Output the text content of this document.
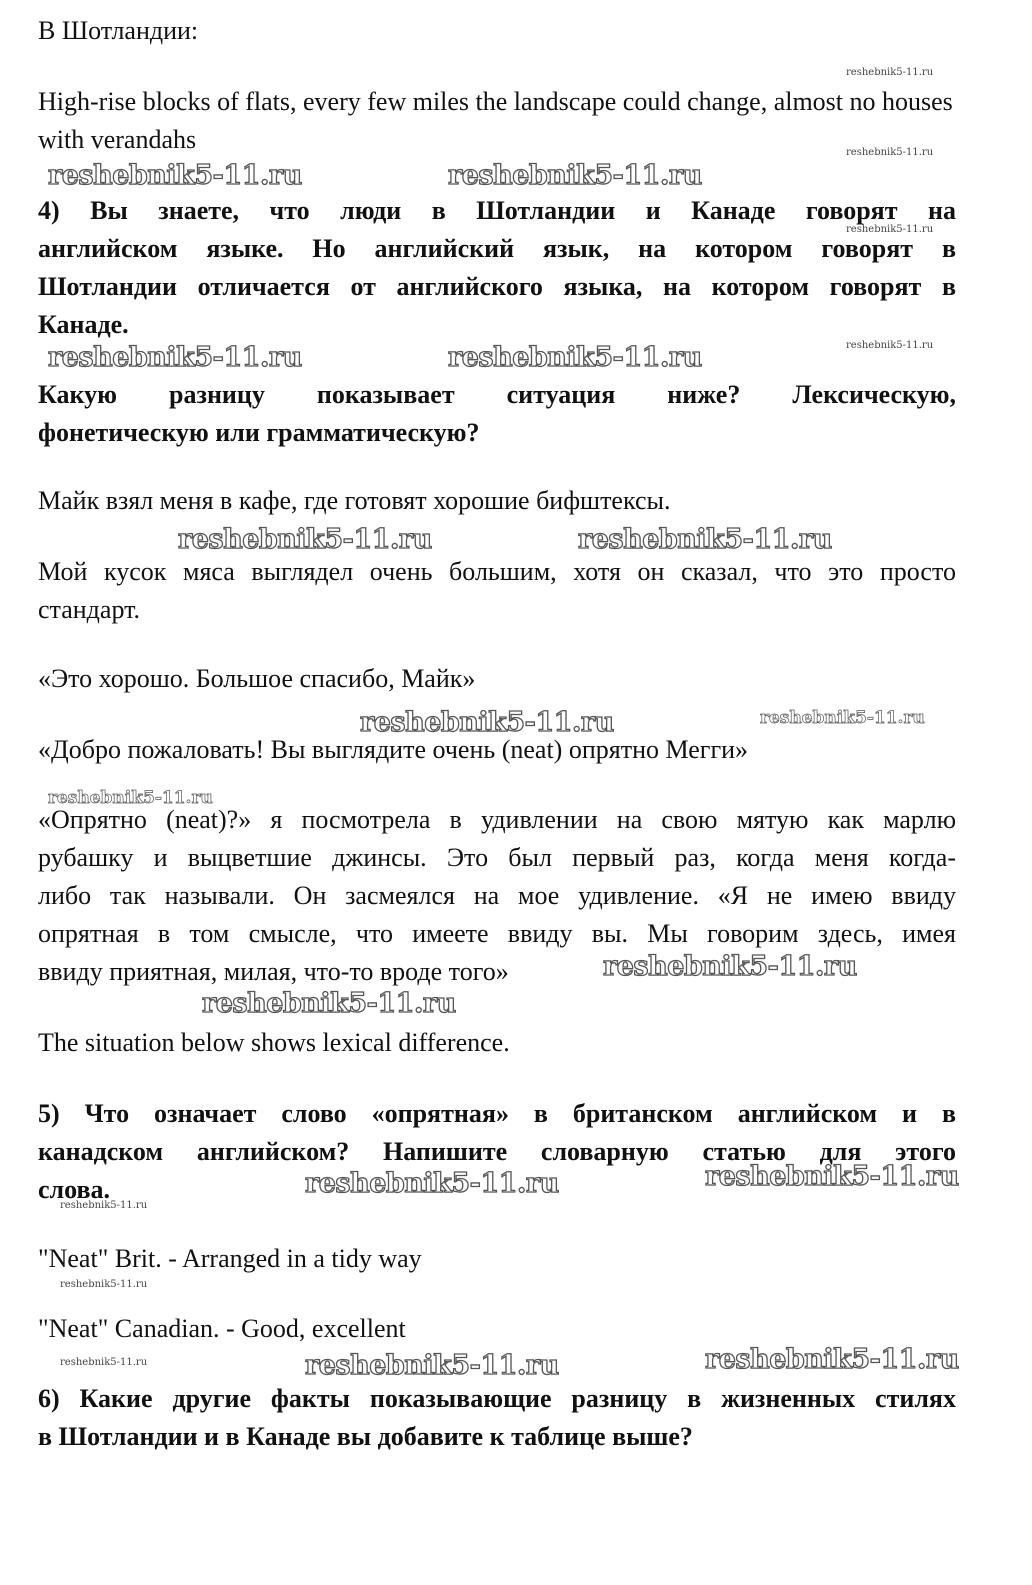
В Шотландии:

High-rise blocks of flats, every few miles the landscape could change, almost no houses with verandahs

4) Вы знаете, что люди в Шотландии и Канаде говорят на

английском языке. Но английский язык, на котором говорят в

Шотландии отличается от английского языка, на котором говорят в

Канаде.

Какую разницу показывает ситуация ниже? Лексическую,

фонетическую или грамматическую?

Майк взял меня в кафе, где готовят хорошие бифштексы.

Мой кусок мяса выглядел очень большим, хотя он сказал, что это просто

стандарт.

«Это хорошо. Большое спасибо, Майк»

«Добро пожаловать! Вы выглядите очень (neat) опрятно Мегги»

«Опрятно (neat)?» я посмотрела в удивлении на свою мятую как марлю

рубашку и выцветшие джинсы. Это был первый раз, когда меня когда-

либо так называли. Он засмеялся на мое удивление. «Я не имею ввиду

опрятная в том смысле, что имеете ввиду вы. Мы говорим здесь, имея

ввиду приятная, милая, что-то вроде того»

The situation below shows lexical difference.

5) Что означает слово «опрятная» в британском английском и в

канадском английском? Напишите словарную статью для этого

слова.

"Neat" Brit. - Arranged in a tidy way

"Neat" Canadian. - Good, excellent

6) Какие другие факты показывающие разницу в жизненных стилях

в Шотландии и в Канаде вы добавите к таблице выше?

reshebnik5-11.ru
reshebnik5-11.ru
reshebnik5-11.ru	reshebnik5-11.ru
reshebnik5-11.ru
reshebnik5-11.ru
reshebnik5-11.ru	reshebnik5-11.ru
reshebnik5-11.ru	reshebnik5-11.ru
reshebnik5-11.ru	reshebnik5-11.ru
reshebnik5-11.ru
reshebnik5-11.ru
reshebnik5-11.ru
reshebnik5-11.ru	reshebnik5-11.ru
reshebnik5-11.ru
reshebnik5-11.ru
reshebnik5-11.ru	reshebnik5-11.ru	reshebnik5-11.ru
